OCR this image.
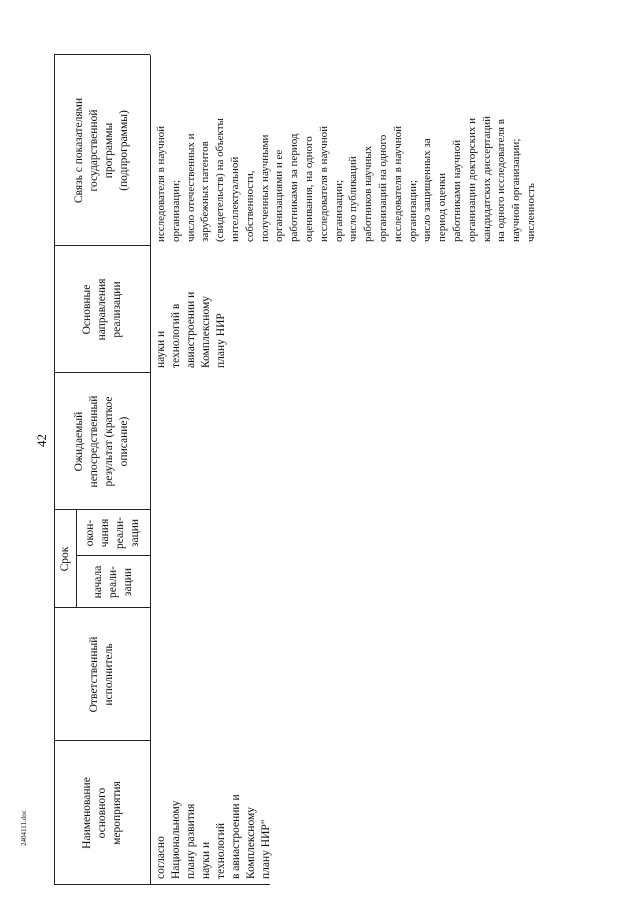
42
2404111.doc	Наименование основного мероприятия
Ответственный исполнитель
Срок
начала реали- зации
окон- чания реали- зации
Ожидаемый непосредственный результат (краткое описание)
Основные направления реализации
Связь с показателями государственной программы (подпрограммы)
согласно Национальному плану развития науки и технологий в авиастроении и Комплексному плану НИР"
науки и технологий в авиастроении и Комплексному плану НИР
исследователя в научной организации; число отечественных и зарубежных патентов (свидетельств) на объекты интеллектуальной собственности, полученных научными организациями и ее работниками за период оценивания, на одного исследователя в научной организации; число публикаций работников научных организаций на одного исследователя в научной организации; число защищенных за период оценки работниками научной организации докторских и кандидатских диссертаций на одного исследователя в научной организации; численность
